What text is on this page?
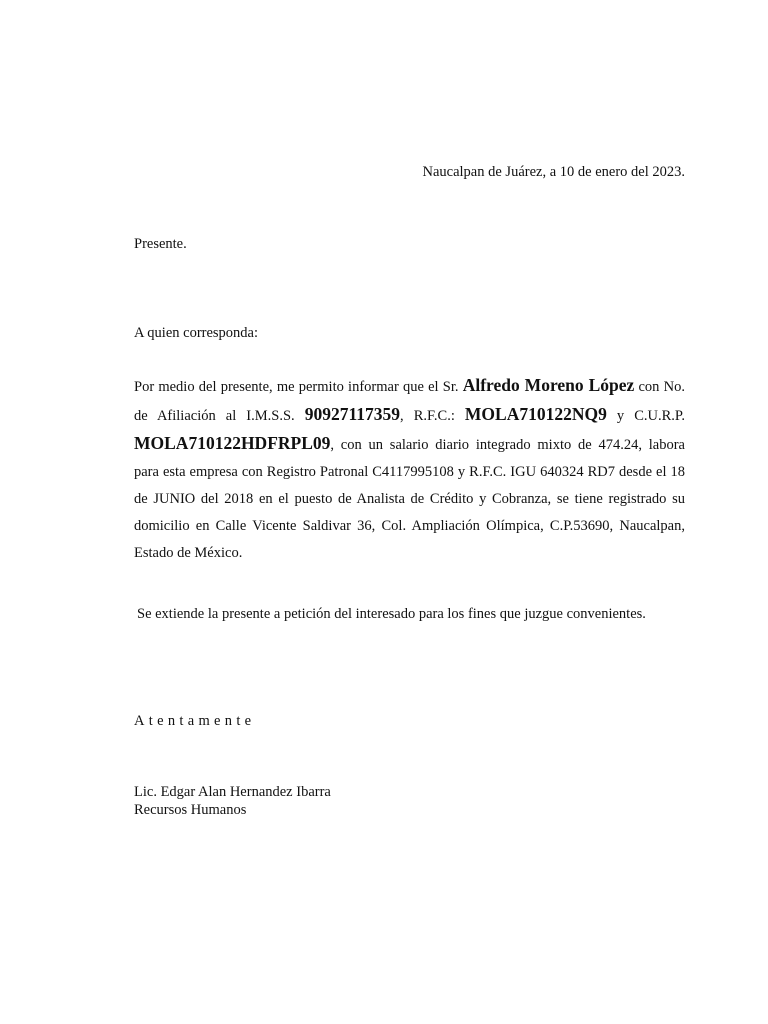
Naucalpan de Juárez, a 10 de enero del 2023.
Presente.
A quien corresponda:

Por medio del presente, me permito informar que el Sr. Alfredo Moreno López con No. de Afiliación al I.M.S.S. 90927117359, R.F.C.: MOLA710122NQ9 y C.U.R.P. MOLA710122HDFRPL09, con un salario diario integrado mixto de 474.24, labora para esta empresa con Registro Patronal C4117995108 y R.F.C. IGU 640324 RD7 desde el 18 de JUNIO del 2018 en el puesto de Analista de Crédito y Cobranza, se tiene registrado su domicilio en Calle Vicente Saldivar 36, Col. Ampliación Olímpica, C.P.53690, Naucalpan, Estado de México.

Se extiende la presente a petición del interesado para los fines que juzgue convenientes.
Atentamente
Lic. Edgar Alan Hernandez Ibarra
Recursos Humanos
